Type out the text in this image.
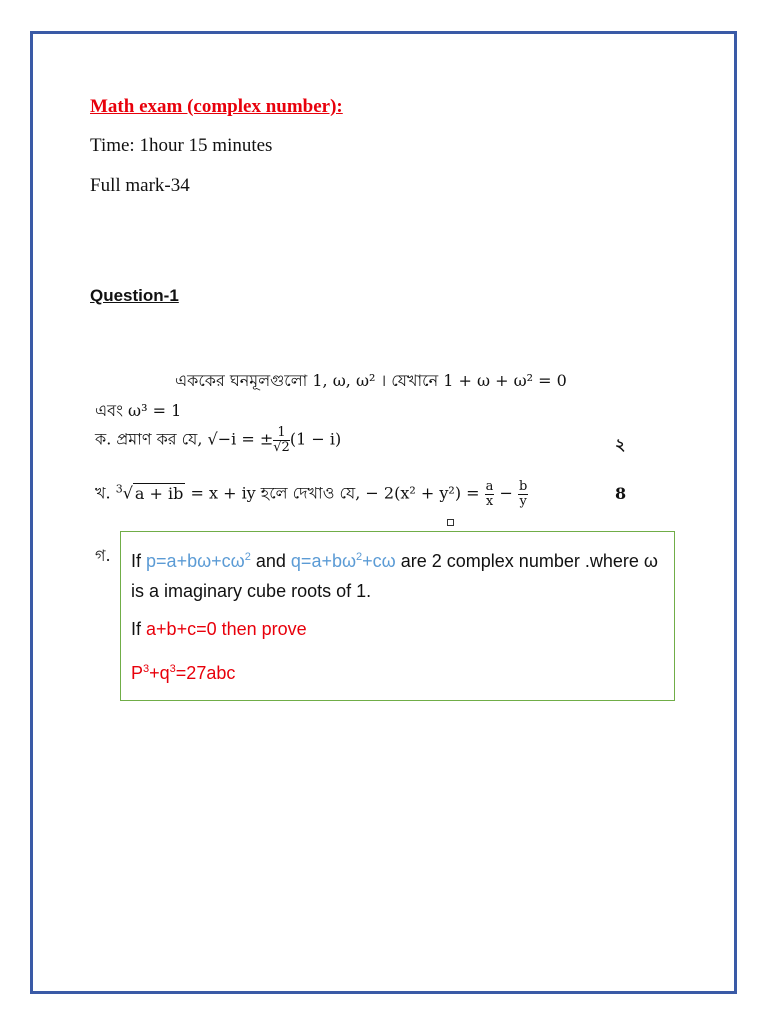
Math exam (complex number):
Time: 1hour 15 minutes
Full mark-34
Question-1
এককের ঘনমূলগুলো 1, ω, ω² । যেখানে 1 + ω + ω² = 0
এবং ω³ = 1
ক. প্রমাণ কর যে, √−i = ± $\frac{1}{√2} (1 - i)$	২
খ. $^3$√ a + ib = x + iy হলে দেখাও যে, − $2(x^2 + y^2) = \frac{a}{x} - \frac{b}{y}$	8
গ. If $p=a+b\omega+c\omega^2$ and $q=a+b\omega^2+c\omega$ are 2 complex number .where ω is a imaginary cube roots of 1.

If a+b+c=0 then prove

$P^3+q^3=27abc$
